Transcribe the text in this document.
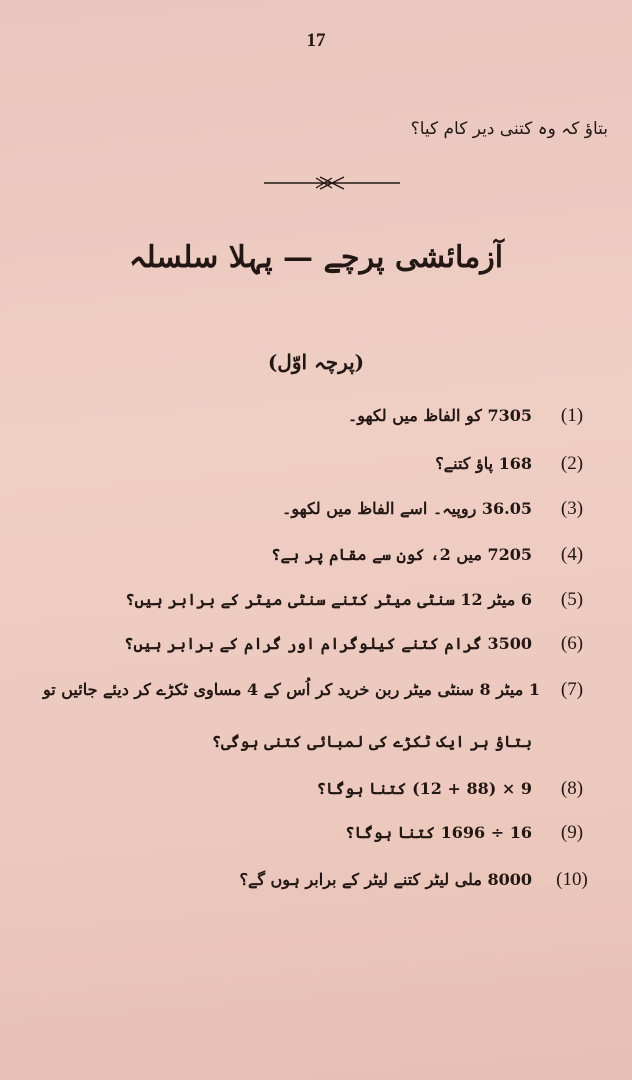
17
بتاؤ کہ وہ کتنی دیر کام کیا؟
آزمائشی پرچے — پہلا سلسلہ
(پرچہ اوّل)
(1)
7305 کو الفاظ میں لکھو۔
(2)
168 پاؤ کتنے؟
(3)
36.05 روپیہ۔ اسے الفاظ میں لکھو۔
(4)
7205 میں 2، کون سے مقام پر ہے؟
(5)
6 میٹر 12 سنٹی میٹر کتنے سنٹی میٹر کے برابر ہیں؟
(6)
3500 گرام کتنے کیلوگرام اور گرام کے برابر ہیں؟
(7)
1 میٹر 8 سنٹی میٹر ربن خرید کر اُس کے 4 مساوی ٹکڑے کر دیئے جائیں تو
بتاؤ ہر ایک ٹکڑے کی لمبائی کتنی ہوگی؟
(8)
9 × (88 + 12) کتنا ہوگا؟
(9)
16 ÷ 1696 کتنا ہوگا؟
(10)
8000 ملی لیٹر کتنے لیٹر کے برابر ہوں گے؟
